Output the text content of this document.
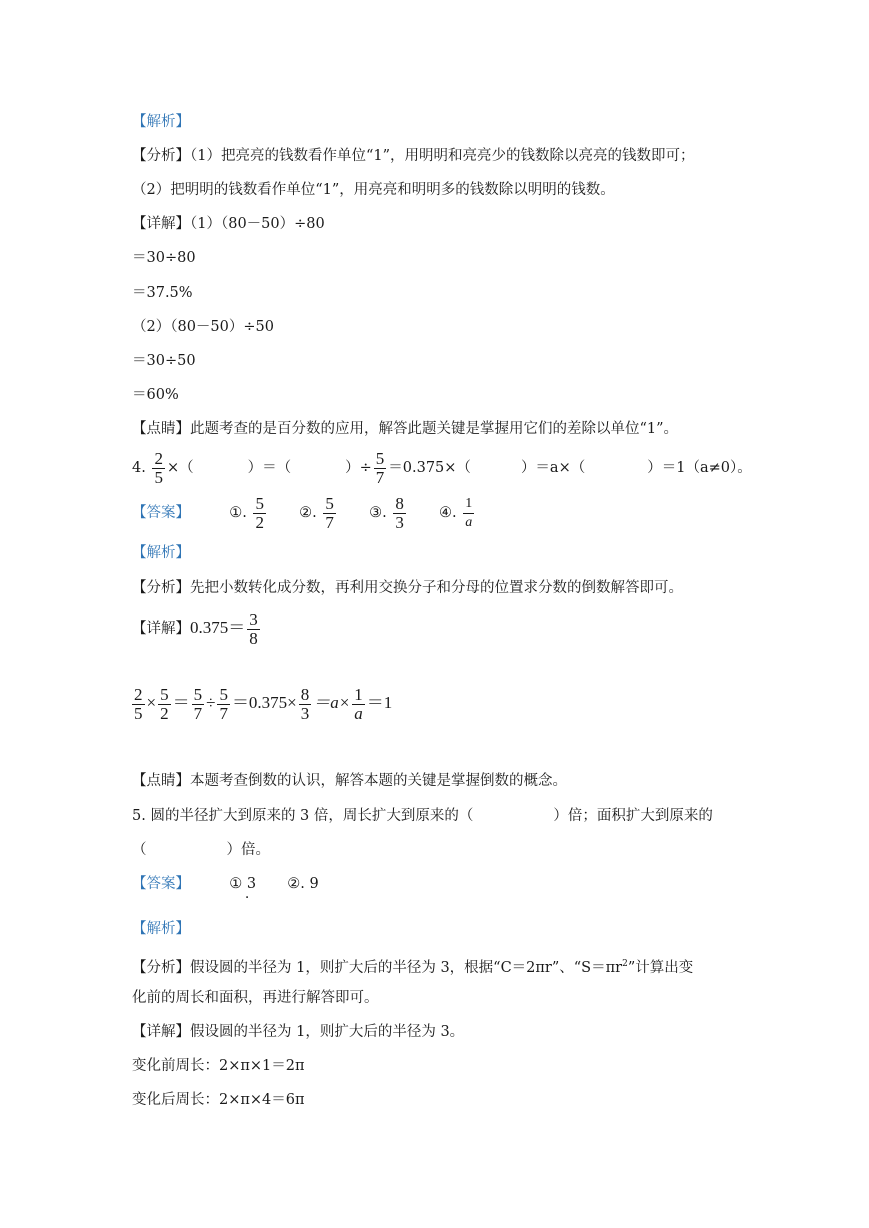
【解析】
【分析】（1）把亮亮的钱数看作单位“1”，用明明和亮亮少的钱数除以亮亮的钱数即可；
（2）把明明的钱数看作单位“1”，用亮亮和明明多的钱数除以明明的钱数。
【详解】（1）（80－50）÷80
＝30÷80
＝37.5%
（2）（80－50）÷50
＝30÷50
＝60%
【点睛】此题考查的是百分数的应用，解答此题关键是掌握用它们的差除以单位“1”。
4. $\frac{2}{5}$ ×（	）＝（	）÷ $\frac{5}{7} =0.375\times$（	）＝a×（	）＝1（a≠0）。
【答案】	①. $\frac{5}{2}$ ②. $\frac{5}{7}$ ③. $\frac{8}{3}$ ④. $\frac{1}{a}$
【解析】
【分析】先把小数转化成分数，再利用交换分子和分母的位置求分数的倒数解答即可。
【详解】$0.375= \frac{3}{8}$
$\frac{2}{5} \times \frac{5}{2} = \frac{5}{7} \div \frac{5}{7} =0.375\times \frac{8}{3} =a\times \frac{1}{a} =1$
【点睛】本题考查倒数的认识，解答本题的关键是掌握倒数的概念。
5. 圆的半径扩大到原来的 3 倍，周长扩大到原来的（	）倍；面积扩大到原来的
（	）倍。
【答案】	① 3 · ②. 9
【解析】
【分析】假设圆的半径为 1，则扩大后的半径为 3，根据“C＝2πr”、“$S=\pi r^2$”计算出变
化前的周长和面积，再进行解答即可。
【详解】假设圆的半径为 1，则扩大后的半径为 3。
变化前周长：2×π×1＝2π
变化后周长：2×π×4＝6π
